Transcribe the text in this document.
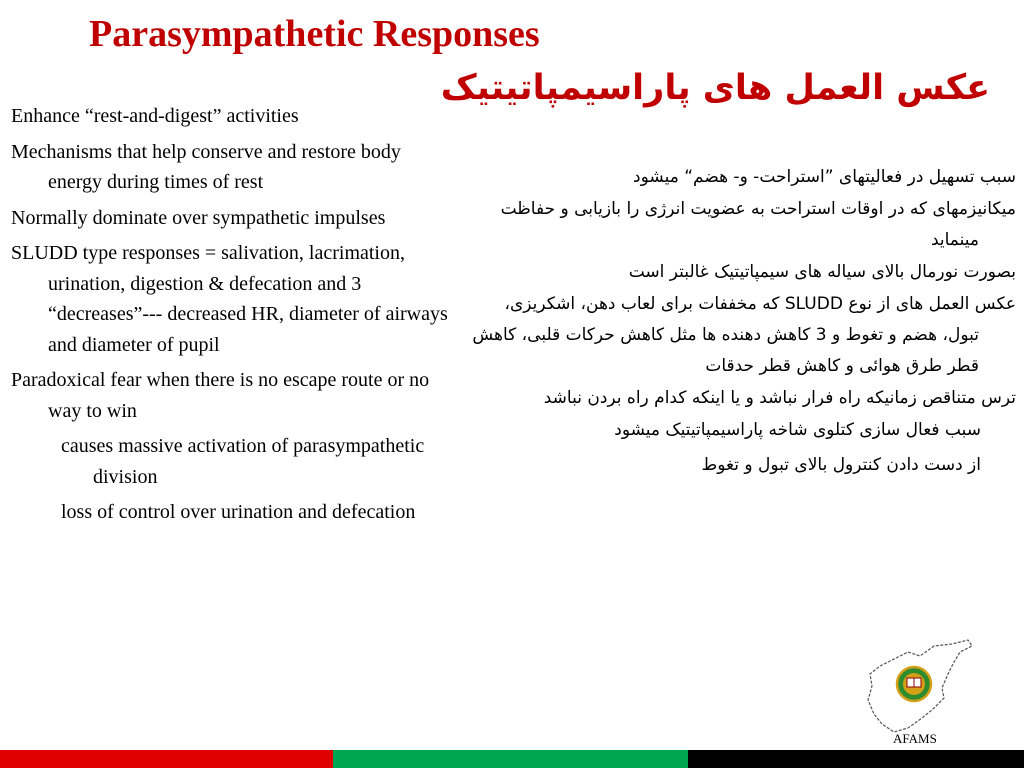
Parasympathetic Responses
عکس العمل های پاراسیمپاتیتیک
Enhance “rest-and-digest” activities
Mechanisms that help conserve and restore body energy during times of rest
Normally dominate over sympathetic impulses
SLUDD type responses = salivation, lacrimation, urination, digestion & defecation and 3 “decreases”--- decreased HR, diameter of airways and diameter of pupil
Paradoxical fear when there is no escape route or no way to win
causes massive activation of parasympathetic division
loss of control over urination and defecation
سبب تسهیل در فعالیتهای ”استراحت- و- هضم“ میشود
میکانیزمهای که در اوقات استراحت به عضویت انرژی را بازیابی و حفاظت مینماید
بصورت نورمال بالای سیاله های سیمپاتیتیک غالبتر است
عکس العمل های از نوع SLUDD که مخففات برای لعاب دهن، اشکریزی، تبول، هضم و تغوط و 3 کاهش دهنده ها مثل کاهش حرکات قلبی، کاهش قطر طرق هوائی و کاهش قطر حدقات
ترس متناقص زمانیکه راه فرار نباشد و یا اینکه کدام راه بردن نباشد
سبب فعال سازی کتلوی شاخه پاراسیمپاتیتیک میشود
از دست دادن کنترول بالای تبول و تغوط
AFAMS
